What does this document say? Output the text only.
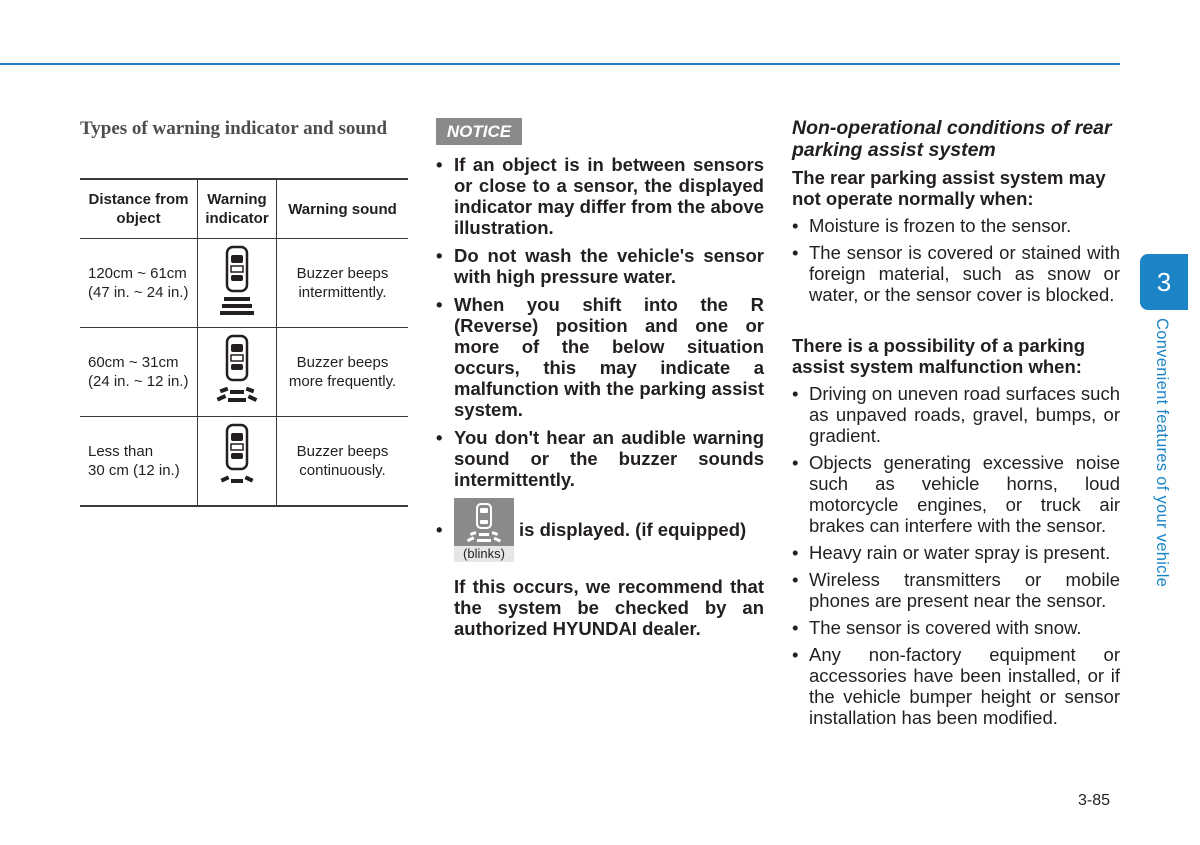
Types of warning indicator and sound
Distance from object	Warning indicator	Warning sound

120cm ~ 61cm
(47 in. ~ 24 in.)		Buzzer beeps intermittently.

60cm ~ 31cm
(24 in. ~ 12 in.)		Buzzer beeps more frequently.

Less than
30 cm (12 in.)		Buzzer beeps continuously.
NOTICE
• If an object is in between sensors or close to a sensor, the displayed indicator may differ from the above illustration.
• Do not wash the vehicle's sensor with high pressure water.
• When you shift into the R (Reverse) position and one or more of the below situation occurs, this may indicate a malfunction with the parking assist system.
• You don't hear an audible warning sound or the buzzer sounds intermittently.
•
(blinks)
is displayed. (if equipped)
If this occurs, we recommend that the system be checked by an authorized HYUNDAI dealer.
Non-operational conditions of rear parking assist system
The rear parking assist system may not operate normally when:
• Moisture is frozen to the sensor.
• The sensor is covered or stained with foreign material, such as snow or water, or the sensor cover is blocked.
There is a possibility of a parking assist system malfunction when:
• Driving on uneven road surfaces such as unpaved roads, gravel, bumps, or gradient.
• Objects generating excessive noise such as vehicle horns, loud motorcycle engines, or truck air brakes can interfere with the sensor.
• Heavy rain or water spray is present.
• Wireless transmitters or mobile phones are present near the sensor.
• The sensor is covered with snow.
• Any non-factory equipment or accessories have been installed, or if the vehicle bumper height or sensor installation has been modified.
3
Convenient features of your vehicle
3-85
